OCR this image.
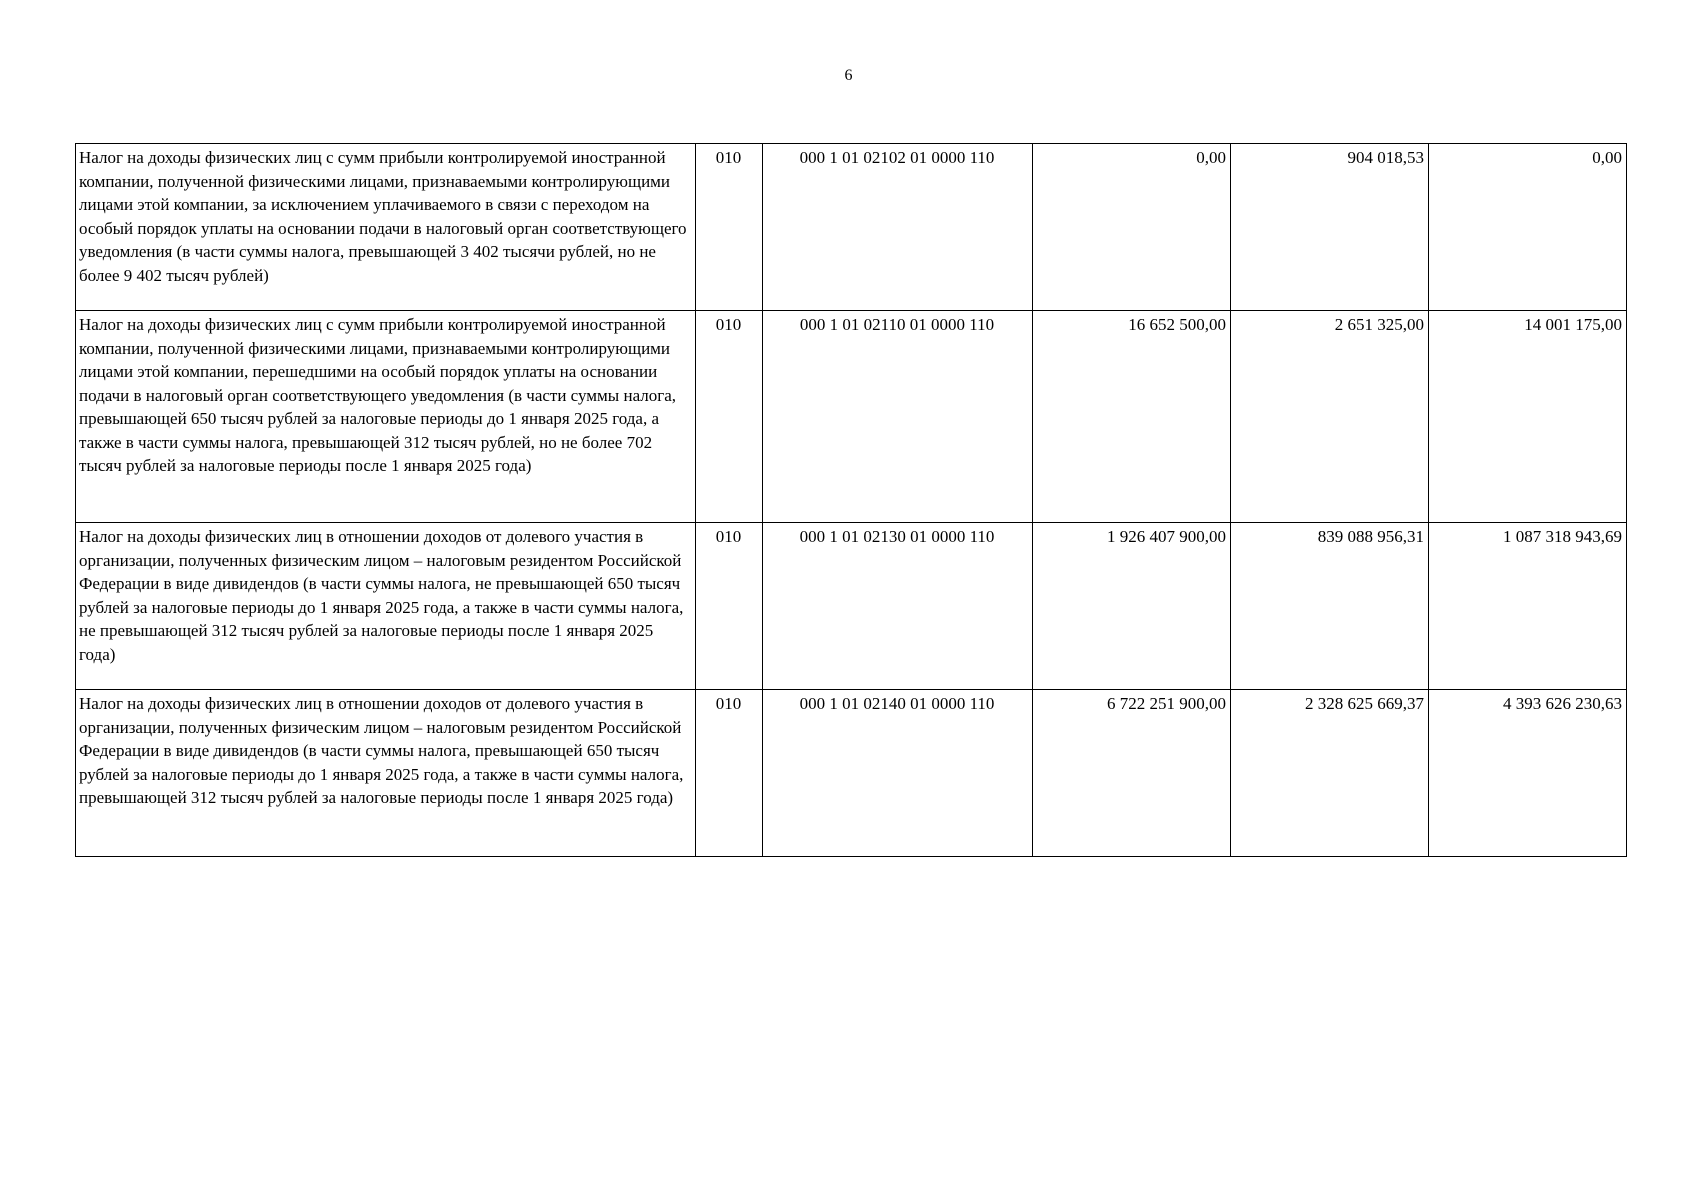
6
Налог на доходы физических лиц с сумм прибыли контролируемой иностранной компании, полученной физическими лицами, признаваемыми контролирующими лицами этой компании, за исключением уплачиваемого в связи с переходом на особый порядок уплаты на основании подачи в налоговый орган соответствующего уведомления (в части суммы налога, превышающей 3 402 тысячи рублей, но не более 9 402 тысяч рублей)	010	000 1 01 02102 01 0000 110	0,00	904 018,53	0,00
Налог на доходы физических лиц с сумм прибыли контролируемой иностранной компании, полученной физическими лицами, признаваемыми контролирующими лицами этой компании, перешедшими на особый порядок уплаты на основании подачи в налоговый орган соответствующего уведомления (в части суммы налога, превышающей 650 тысяч рублей за налоговые периоды до 1 января 2025 года, а также в части суммы налога, превышающей 312 тысяч рублей, но не более 702 тысяч рублей за налоговые периоды после 1 января 2025 года)	010	000 1 01 02110 01 0000 110	16 652 500,00	2 651 325,00	14 001 175,00
Налог на доходы физических лиц в отношении доходов от долевого участия в организации, полученных физическим лицом – налоговым резидентом Российской Федерации в виде дивидендов (в части суммы налога, не превышающей 650 тысяч рублей за налоговые периоды до 1 января 2025 года, а также в части суммы налога, не превышающей 312 тысяч рублей за налоговые периоды после 1 января 2025 года)	010	000 1 01 02130 01 0000 110	1 926 407 900,00	839 088 956,31	1 087 318 943,69
Налог на доходы физических лиц в отношении доходов от долевого участия в организации, полученных физическим лицом – налоговым резидентом Российской Федерации в виде дивидендов (в части суммы налога, превышающей 650 тысяч рублей за налоговые периоды до 1 января 2025 года, а также в части суммы налога, превышающей 312 тысяч рублей за налоговые периоды после 1 января 2025 года)	010	000 1 01 02140 01 0000 110	6 722 251 900,00	2 328 625 669,37	4 393 626 230,63
